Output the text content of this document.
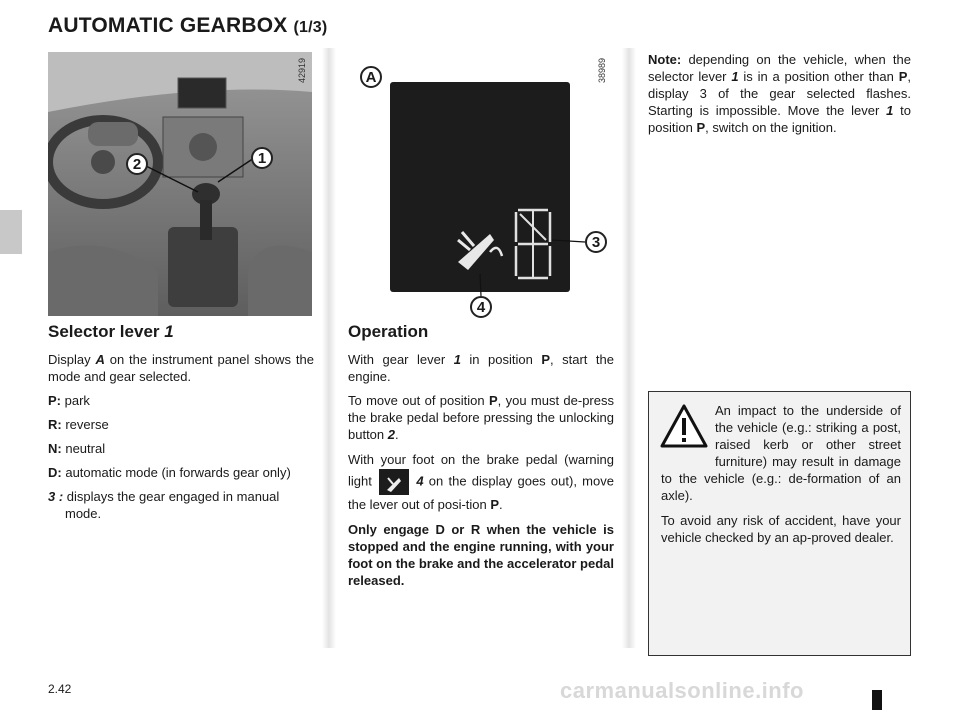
AUTOMATIC GEARBOX (1/3)
2	1
42919	A	38989
3
4
Selector lever 1
Display A on the instrument panel shows the mode and gear selected.
P: park
R: reverse
N: neutral
D: automatic mode (in forwards gear only)
3 : displays the gear engaged in manual mode.
Operation
With gear lever 1 in position P, start the engine.
To move out of position P, you must de-press the brake pedal before pressing the unlocking button 2.
With your foot on the brake pedal (warning light	4 on the display goes out), move the lever out of posi-tion P.
Only engage D or R when the vehicle is stopped and the engine running, with your foot on the brake and the accelerator pedal released.
Note: depending on the vehicle, when the selector lever 1 is in a position other than P, display 3 of the gear selected flashes. Starting is impossible. Move the lever 1 to position P, switch on the ignition.
An impact to the underside of the vehicle (e.g.: striking a post, raised kerb or other street furniture) may result in damage to the vehicle (e.g.: de-formation of an axle).
To avoid any risk of accident, have your vehicle checked by an ap-proved dealer.
2.42	carmanualsonline.info
